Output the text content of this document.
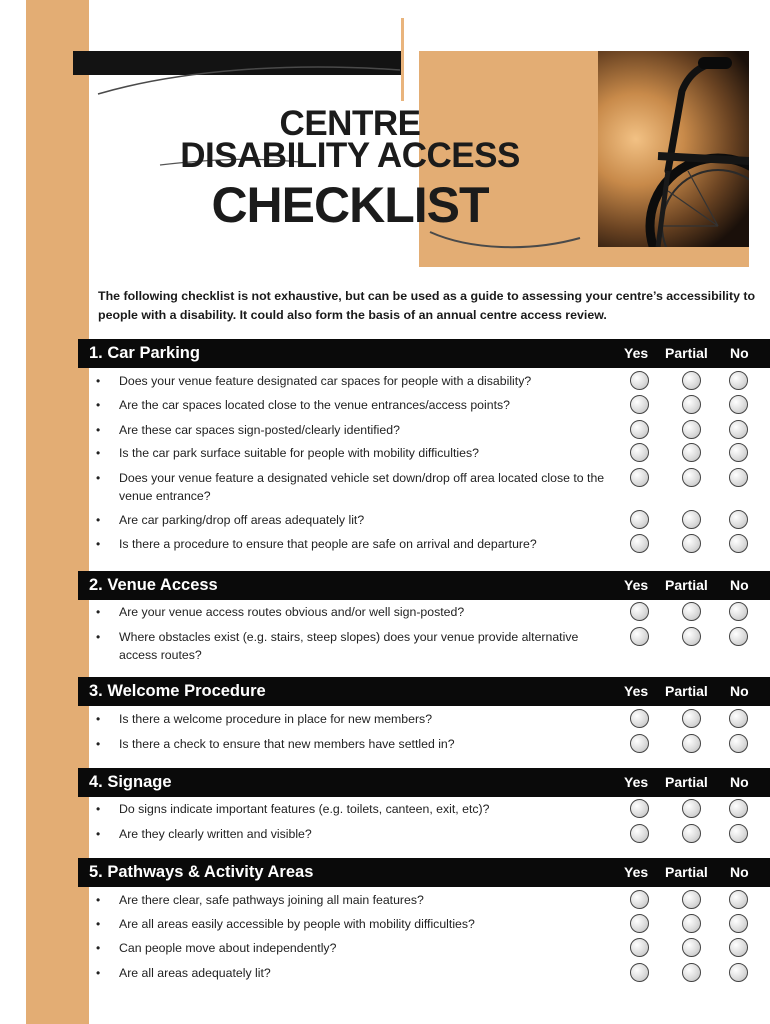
CENTRE
DISABILITY ACCESS
CHECKLIST
The following checklist is not exhaustive, but can be used as a guide to assessing your centre’s accessibility to people with a disability. It could also form the basis of an annual centre access review.
1. Car Parking	Yes Partial No
• Does your venue feature designated car spaces for people with a disability?
• Are the car spaces located close to the venue entrances/access points?
• Are these car spaces sign-posted/clearly identified?
• Is the car park surface suitable for people with mobility difficulties?
• Does your venue feature a designated vehicle set down/drop off area located close to the venue entrance?
• Are car parking/drop off areas adequately lit?
• Is there a procedure to ensure that people are safe on arrival and departure?
2. Venue Access	Yes Partial No
• Are your venue access routes obvious and/or well sign-posted?
• Where obstacles exist (e.g. stairs, steep slopes) does your venue provide alternative access routes?
3. Welcome Procedure	Yes Partial No
• Is there a welcome procedure in place for new members?
• Is there a check to ensure that new members have settled in?
4. Signage	Yes Partial No
• Do signs indicate important features (e.g. toilets, canteen, exit, etc)?
• Are they clearly written and visible?
5. Pathways & Activity Areas	Yes Partial No
• Are there clear, safe pathways joining all main features?
• Are all areas easily accessible by people with mobility difficulties?
• Can people move about independently?
• Are all areas adequately lit?
